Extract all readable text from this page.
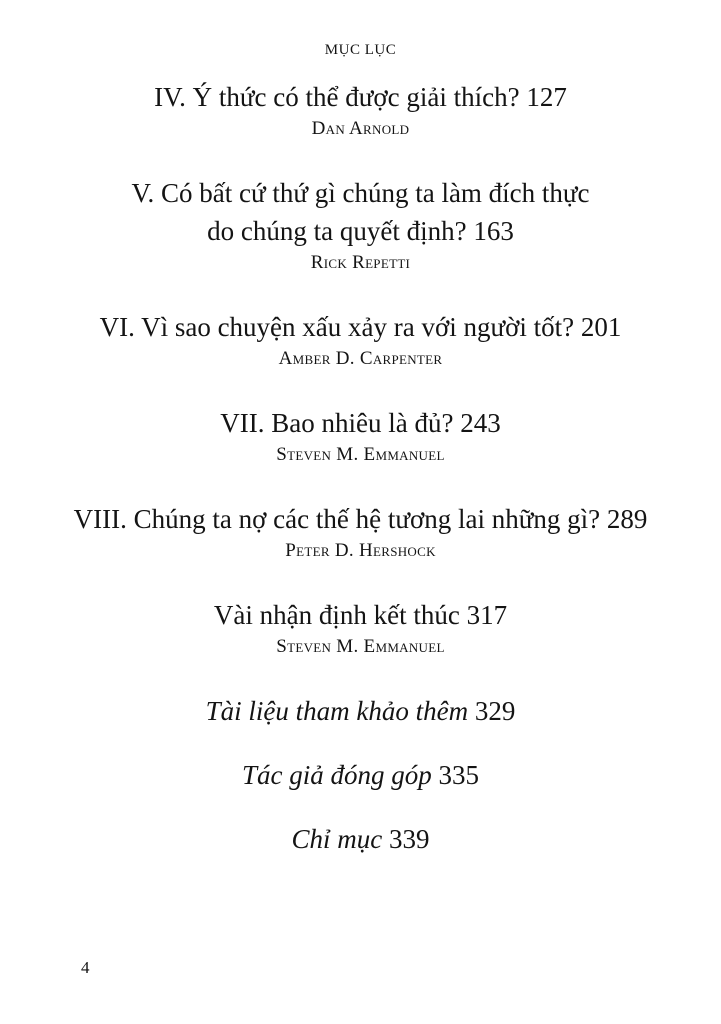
MỤC LỤC
IV. Ý thức có thể được giải thích? 127
Dan Arnold
V. Có bất cứ thứ gì chúng ta làm đích thực
do chúng ta quyết định? 163
Rick Repetti
VI. Vì sao chuyện xấu xảy ra với người tốt? 201
Amber D. Carpenter
VII. Bao nhiêu là đủ? 243
Steven M. Emmanuel
VIII. Chúng ta nợ các thế hệ tương lai những gì? 289
Peter D. Hershock
Vài nhận định kết thúc 317
Steven M. Emmanuel
Tài liệu tham khảo thêm 329
Tác giả đóng góp 335
Chỉ mục 339
4
